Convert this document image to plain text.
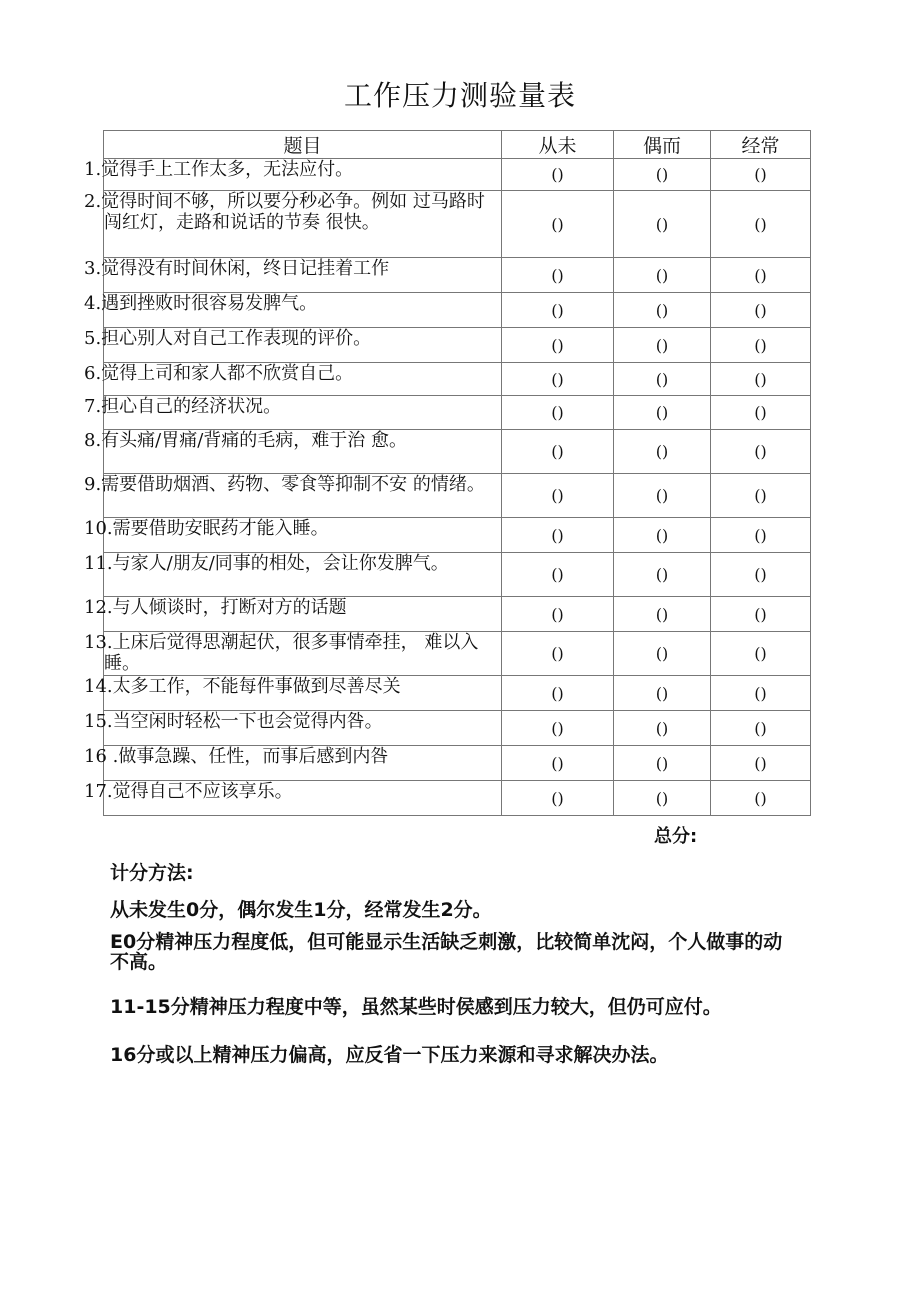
工作压力测验量表
题目	从未	偶而	经常
1.觉得手上工作太多，无法应付。	()	()	()
2.觉得时间不够，所以要分秒必争。例如 过马路时闯红灯，走路和说话的节奏 很快。	()	()	()
3.觉得没有时间休闲，终日记挂着工作	()	()	()
4.遇到挫败时很容易发脾气。	()	()	()
5.担心别人对自己工作表现的评价。	()	()	()
6.觉得上司和家人都不欣赏自己。	()	()	()
7.担心自己的经济状况。	()	()	()
8.有头痛/胃痛/背痛的毛病，难于治 愈。	()	()	()
9.需要借助烟酒、药物、零食等抑制不安 的情绪。	()	()	()
10.需要借助安眠药才能入睡。	()	()	()
11.与家人/朋友/同事的相处，会让你发脾气。	()	()	()
12.与人倾谈时，打断对方的话题	()	()	()
13.上床后觉得思潮起伏，很多事情牵挂， 难以入睡。	()	()	()
14.太多工作，不能每件事做到尽善尽关	()	()	()
15.当空闲时轻松一下也会觉得内咎。	()	()	()
16 .做事急躁、任性，而事后感到内咎	()	()	()
17.觉得自己不应该享乐。	()	()	()
总分:
计分方法:
从未发生0分，偶尔发生1分，经常发生2分。
E0分精神压力程度低，但可能显示生活缺乏刺激，比较简单沈闷，个人做事的动不高。
11-15分精神压力程度中等，虽然某些时侯感到压力较大，但仍可应付。
16分或以上精神压力偏高，应反省一下压力来源和寻求解决办法。
